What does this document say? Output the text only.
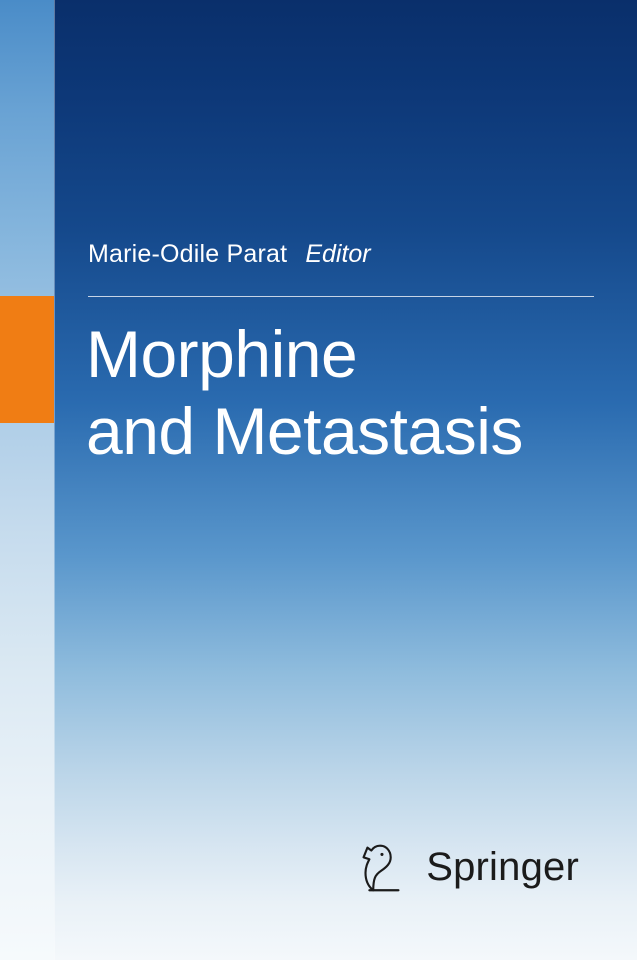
Marie-Odile Parat Editor
Morphine
and Metastasis
Springer
